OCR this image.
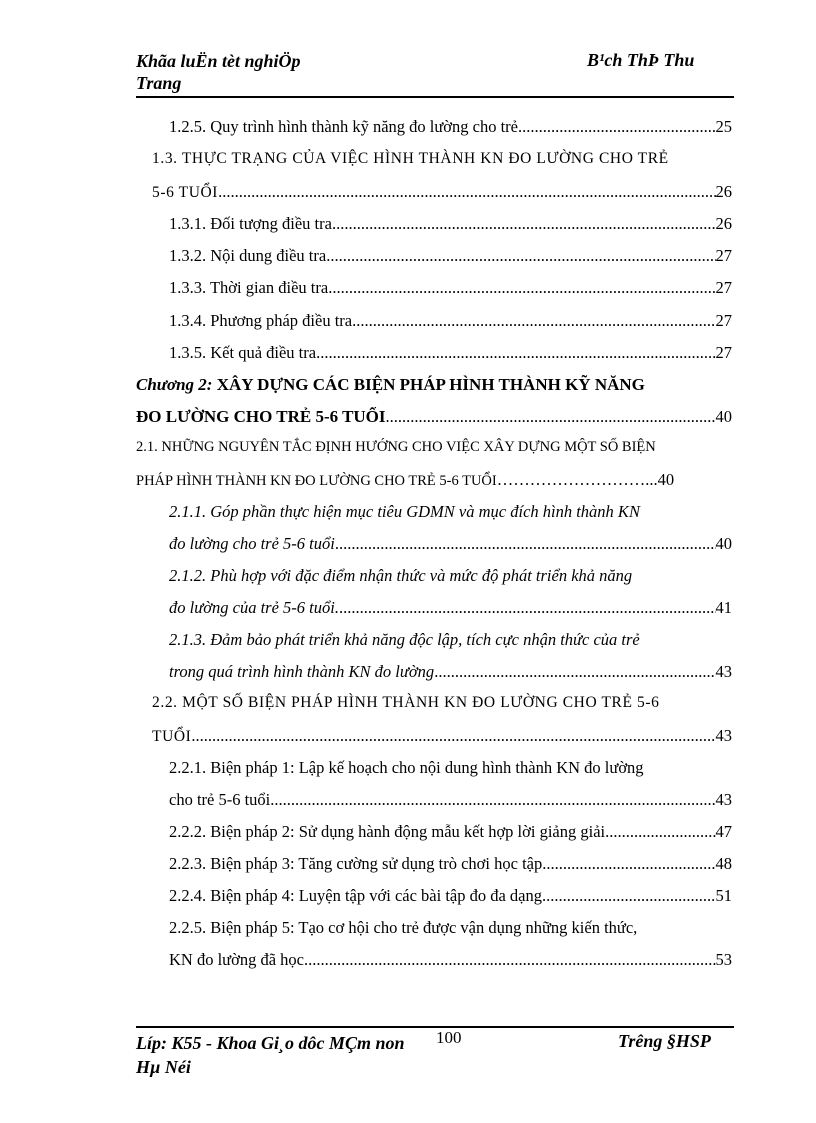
Khãa luËn tèt nghiÖp
Trang
B¹ch ThÞ Thu
1.2.5. Quy trình hình thành kỹ năng đo lường cho trẻ. .....	25
1.3. THỰC TRẠNG CỦA VIỆC HÌNH THÀNH KN ĐO LƯỜNG CHO TRẺ
5-6 TUỔI .....	26
1.3.1. Đối tượng điều tra .....	26
1.3.2. Nội dung điều tra .....	27
1.3.3. Thời gian điều tra .....	27
1.3.4. Phương pháp điều tra .....	27
1.3.5. Kết quả điều tra .....	27
Chương 2: XÂY DỰNG CÁC BIỆN PHÁP HÌNH THÀNH KỸ NĂNG
ĐO LƯỜNG CHO TRẺ 5-6 TUỔI .....	40
2.1. NHỮNG NGUYÊN TẮC ĐỊNH HƯỚNG CHO VIỆC XÂY DỰNG MỘT SỐ BIỆN
PHÁP HÌNH THÀNH KN ĐO LƯỜNG CHO TRẺ 5-6 TUỔI………………………...40
2.1.1. Góp phần thực hiện mục tiêu GDMN và mục đích hình thành KN
đo lường cho trẻ 5-6 tuổi .....	40
2.1.2. Phù hợp với đặc điểm nhận thức và mức độ phát triển khả năng
đo lường của trẻ 5-6 tuổi. .....	41
2.1.3. Đảm bảo phát triển khả năng độc lập, tích cực nhận thức của trẻ
trong quá trình hình thành KN đo lường .....	43
2.2. MỘT SỐ BIỆN PHÁP HÌNH THÀNH KN ĐO LƯỜNG CHO TRẺ 5-6
TUỔI .....	43
2.2.1. Biện pháp 1: Lập kế hoạch cho nội dung hình thành KN đo lường
cho trẻ 5-6 tuổi .....	43
2.2.2. Biện pháp 2: Sử dụng hành động mẫu kết hợp lời giảng giải .....	47
2.2.3. Biện pháp 3: Tăng cường sử dụng trò chơi học tập .....	48
2.2.4. Biện pháp 4: Luyện tập với các bài tập đo đa dạng .....	51
2.2.5. Biện pháp 5: Tạo cơ hội cho trẻ được vận dụng những kiến thức,
KN đo lường đã học .....	53
Líp: K55 - Khoa Gi¸o dôc MÇm non
Hµ Néi
100	Trêng §HSP
